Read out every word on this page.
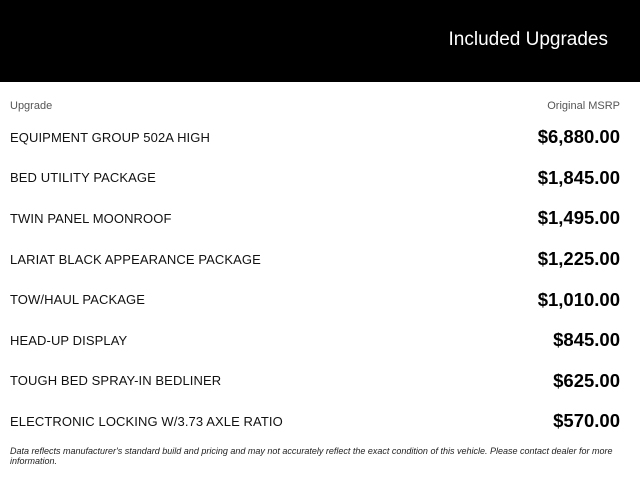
Included Upgrades
Upgrade	Original MSRP
EQUIPMENT GROUP 502A HIGH	$6,880.00
BED UTILITY PACKAGE	$1,845.00
TWIN PANEL MOONROOF	$1,495.00
LARIAT BLACK APPEARANCE PACKAGE	$1,225.00
TOW/HAUL PACKAGE	$1,010.00
HEAD-UP DISPLAY	$845.00
TOUGH BED SPRAY-IN BEDLINER	$625.00
ELECTRONIC LOCKING W/3.73 AXLE RATIO	$570.00
Data reflects manufacturer's standard build and pricing and may not accurately reflect the exact condition of this vehicle. Please contact dealer for more information.
